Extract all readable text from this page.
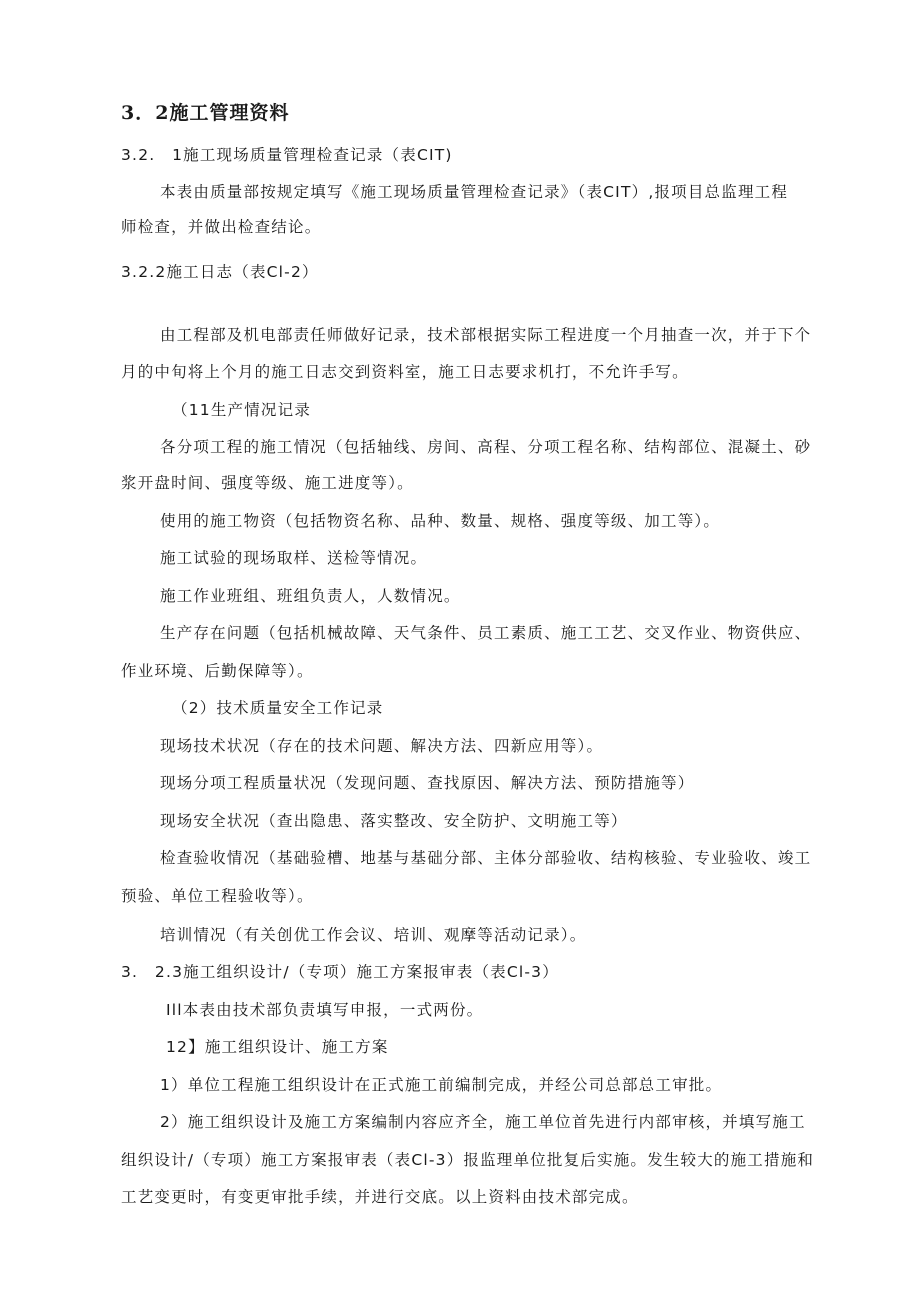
3．2施工管理资料
3.2.　1施工现场质量管理检查记录（表CIT)
本表由质量部按规定填写《施工现场质量管理检查记录》（表CIT）,报项目总监理工程
师检查，并做出检查结论。
3.2.2施工日志（表Cl-2）
由工程部及机电部责任师做好记录，技术部根据实际工程进度一个月抽查一次，并于下个
月的中旬将上个月的施工日志交到资料室，施工日志要求机打，不允许手写。
（11生产情况记录
各分项工程的施工情况（包括轴线、房间、高程、分项工程名称、结构部位、混凝土、砂
浆开盘时间、强度等级、施工进度等）。
使用的施工物资（包括物资名称、品种、数量、规格、强度等级、加工等）。
施工试验的现场取样、送检等情况。
施工作业班组、班组负责人，人数情况。
生产存在问题（包括机械故障、天气条件、员工素质、施工工艺、交叉作业、物资供应、
作业环境、后勤保障等）。
（2）技术质量安全工作记录
现场技术状况（存在的技术问题、解决方法、四新应用等）。
现场分项工程质量状况（发现问题、查找原因、解决方法、预防措施等）
现场安全状况（查出隐患、落实整改、安全防护、文明施工等）
检查验收情况（基础验槽、地基与基础分部、主体分部验收、结构核验、专业验收、竣工
预验、单位工程验收等）。
培训情况（有关创优工作会议、培训、观摩等活动记录）。
3.　2.3施工组织设计/（专项）施工方案报审表（表Cl-3）
Ill本表由技术部负责填写申报，一式两份。
12】施工组织设计、施工方案
1）单位工程施工组织设计在正式施工前编制完成，并经公司总部总工审批。
2）施工组织设计及施工方案编制内容应齐全，施工单位首先进行内部审核，并填写施工
组织设计/（专项）施工方案报审表（表Cl-3）报监理单位批复后实施。发生较大的施工措施和
工艺变更时，有变更审批手续，并进行交底。以上资料由技术部完成。
